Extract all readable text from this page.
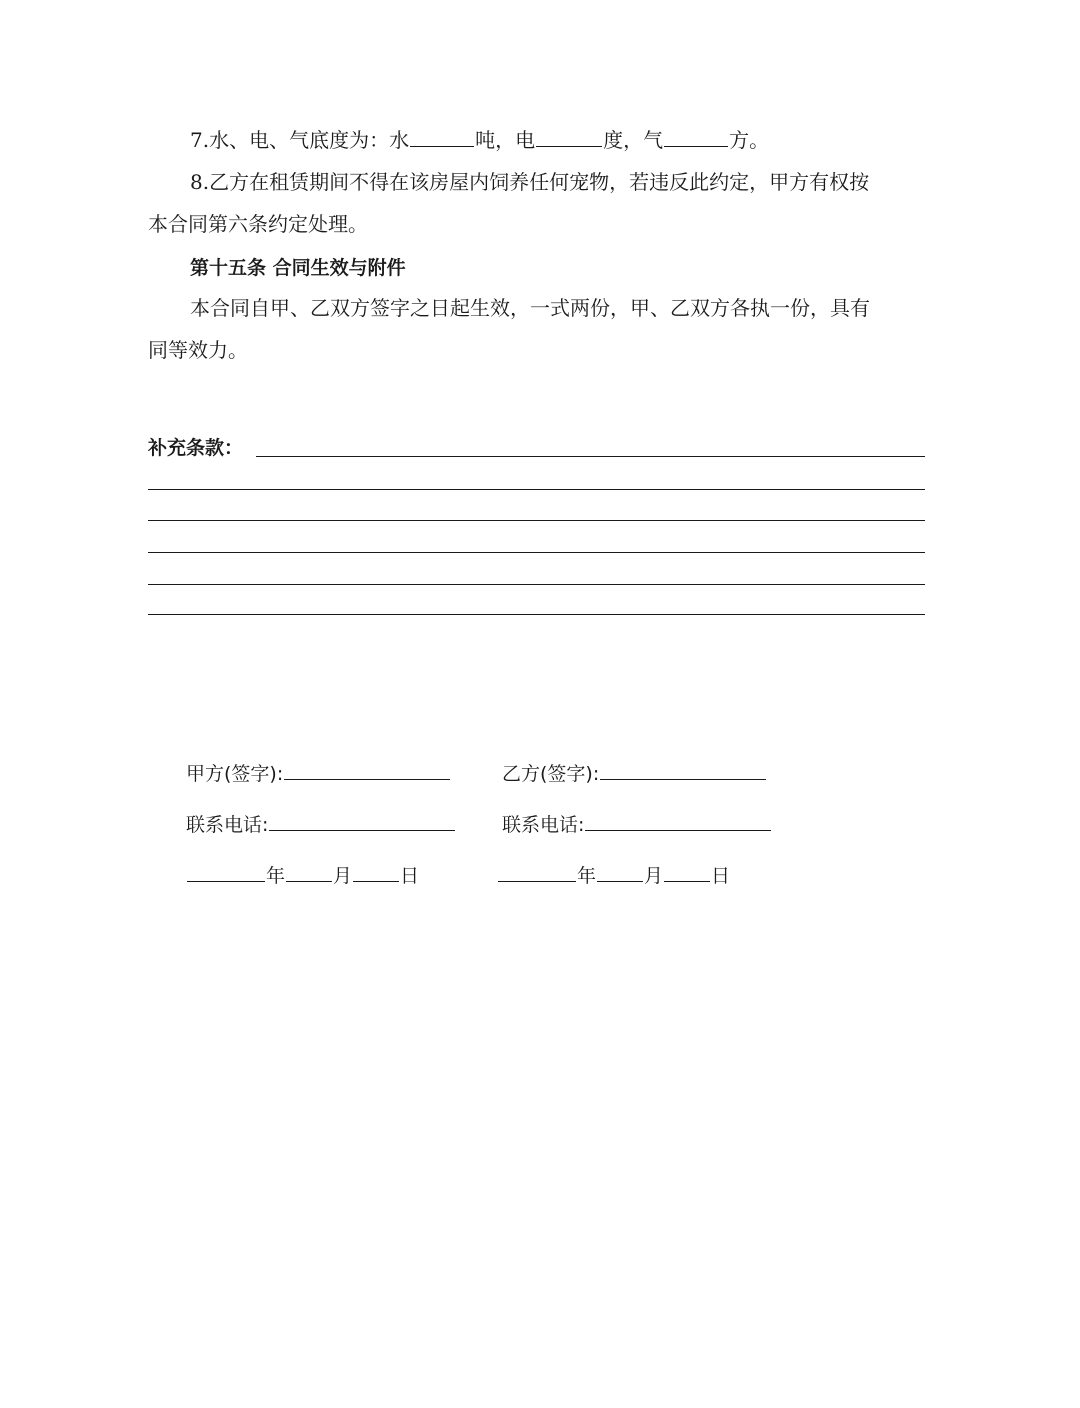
7.水、电、气底度为：水	吨，电	度，气	方。
8.乙方在租赁期间不得在该房屋内饲养任何宠物，若违反此约定，甲方有权按
本合同第六条约定处理。
第十五条 合同生效与附件
本合同自甲、乙双方签字之日起生效，一式两份，甲、乙双方各执一份，具有
同等效力。
补充条款：
甲方(签字):	乙方(签字):
联系电话:	联系电话:
年	月	日	年	月	日
